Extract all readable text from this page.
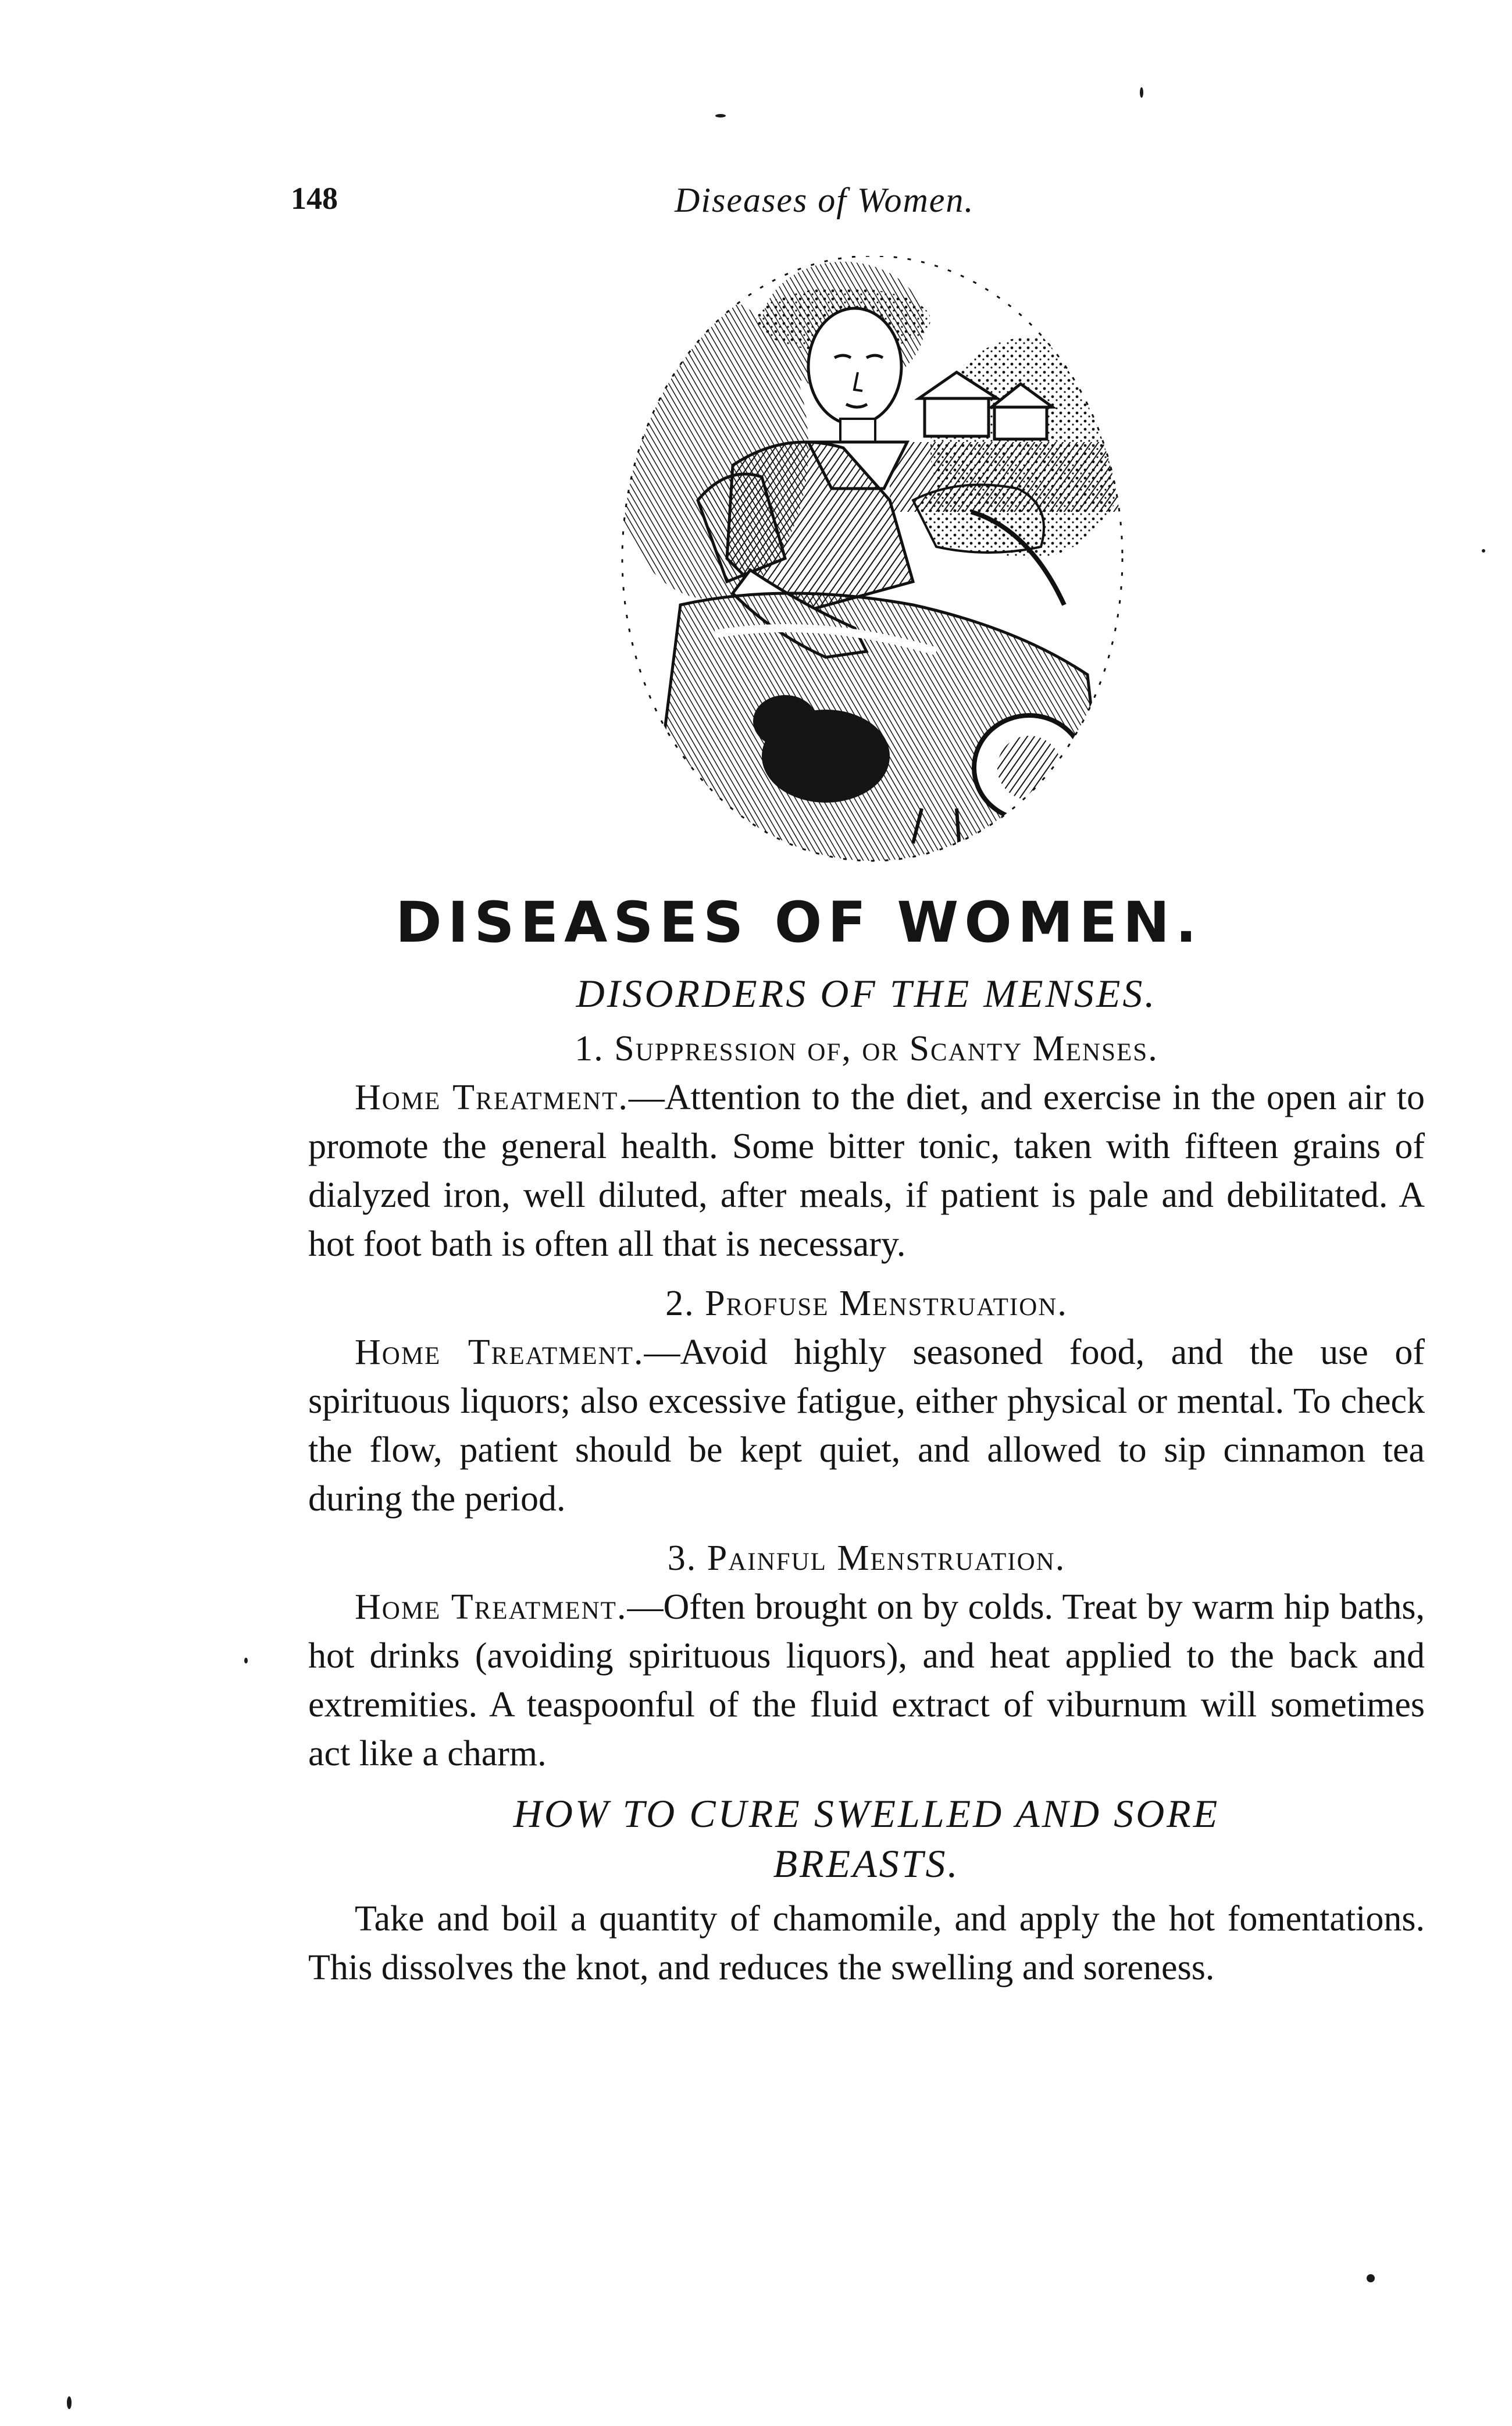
148	Diseases of Women.
DISEASES OF WOMEN.
DISORDERS OF THE MENSES.
1. Suppression of, or Scanty Menses.
Home Treatment.—Attention to the diet, and exercise in the open air to promote the general health. Some bitter tonic, taken with fifteen grains of dialyzed iron, well diluted, after meals, if patient is pale and debilitated. A hot foot bath is often all that is necessary.
2. Profuse Menstruation.
Home Treatment.—Avoid highly seasoned food, and the use of spirituous liquors; also excessive fatigue, either physical or mental. To check the flow, patient should be kept quiet, and allowed to sip cinnamon tea during the period.
3. Painful Menstruation.
Home Treatment.—Often brought on by colds. Treat by warm hip baths, hot drinks (avoiding spirituous liquors), and heat applied to the back and extremities. A teaspoonful of the fluid extract of viburnum will sometimes act like a charm.
HOW TO CURE SWELLED AND SORE
BREASTS.
Take and boil a quantity of chamomile, and apply the hot fomentations. This dissolves the knot, and reduces the swelling and soreness.
